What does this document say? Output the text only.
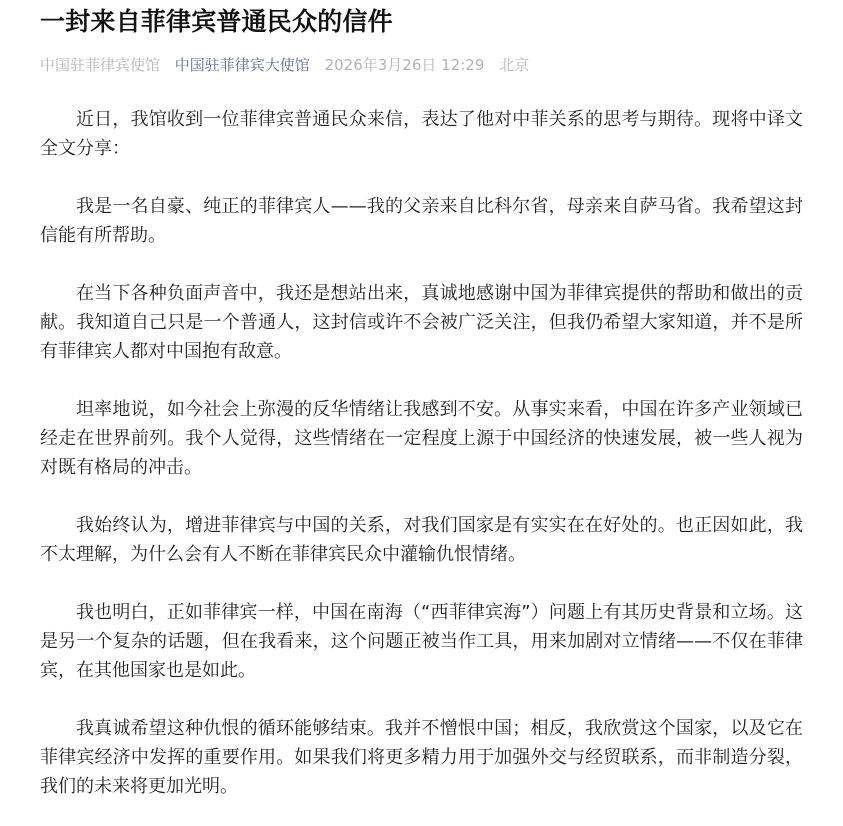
一封来自菲律宾普通民众的信件
中国驻菲律宾使馆 中国驻菲律宾大使馆 2026年3月26日 12:29 北京

近日，我馆收到一位菲律宾普通民众来信，表达了他对中菲关系的思考与期待。现将中译文全文分享：

我是一名自豪、纯正的菲律宾人——我的父亲来自比科尔省，母亲来自萨马省。我希望这封信能有所帮助。

在当下各种负面声音中，我还是想站出来，真诚地感谢中国为菲律宾提供的帮助和做出的贡献。我知道自己只是一个普通人，这封信或许不会被广泛关注，但我仍希望大家知道，并不是所有菲律宾人都对中国抱有敌意。

坦率地说，如今社会上弥漫的反华情绪让我感到不安。从事实来看，中国在许多产业领域已经走在世界前列。我个人觉得，这些情绪在一定程度上源于中国经济的快速发展，被一些人视为对既有格局的冲击。

我始终认为，增进菲律宾与中国的关系，对我们国家是有实实在在好处的。也正因如此，我不太理解，为什么会有人不断在菲律宾民众中灌输仇恨情绪。

我也明白，正如菲律宾一样，中国在南海（“西菲律宾海”）问题上有其历史背景和立场。这是另一个复杂的话题，但在我看来，这个问题正被当作工具，用来加剧对立情绪——不仅在菲律宾，在其他国家也是如此。

我真诚希望这种仇恨的循环能够结束。我并不憎恨中国；相反，我欣赏这个国家，以及它在菲律宾经济中发挥的重要作用。如果我们将更多精力用于加强外交与经贸联系，而非制造分裂，我们的未来将更加光明。
